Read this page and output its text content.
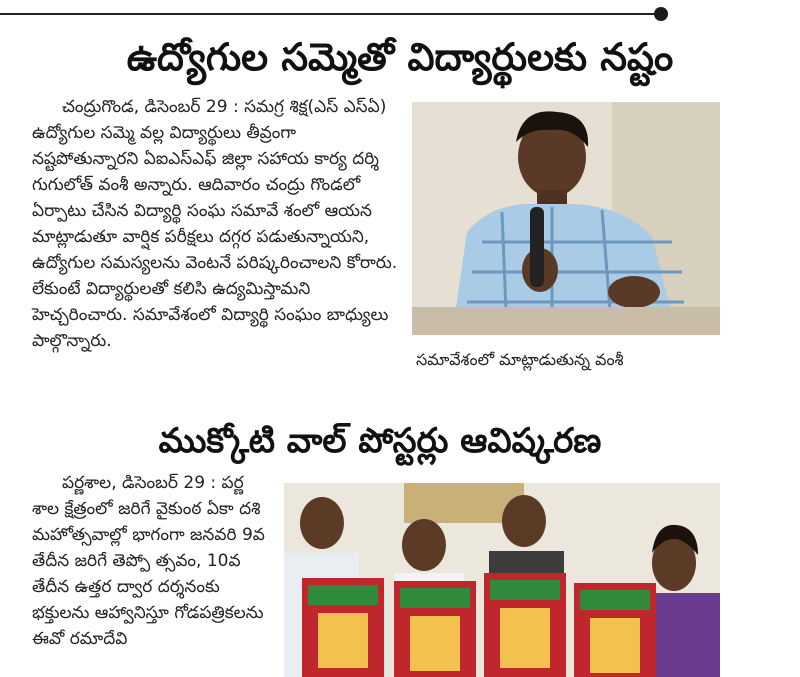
ఉద్యోగుల సమ్మెతో విద్యార్థులకు నష్టం

చంద్రుగొండ, డిసెంబర్ 29 : సమగ్ర శిక్ష(ఎస్ ఎస్ఏ) ఉద్యోగుల సమ్మె వల్ల విద్యార్థులు తీవ్రంగా నష్టపోతున్నారని ఏఐఎస్ఎఫ్ జిల్లా సహాయ కార్య దర్శి గుగులోత్ వంశీ అన్నారు. ఆదివారం చంద్రు గొండలో ఏర్పాటు చేసిన విద్యార్థి సంఘ సమావే శంలో ఆయన మాట్లాడుతూ వార్షిక పరీక్షలు దగ్గర పడుతున్నాయని, ఉద్యోగుల సమస్యలను వెంటనే పరిష్కరించాలని కోరారు. లేకుంటే విద్యార్థులతో కలిసి ఉద్యమిస్తామని హెచ్చరించారు. సమావేశంలో విద్యార్థి సంఘం బాధ్యులు పాల్గొన్నారు.

సమావేశంలో మాట్లాడుతున్న వంశీ
ముక్కోటి వాల్ పోస్టర్లు ఆవిష్కరణ

పర్ణశాల, డిసెంబర్ 29 : పర్ణ శాల క్షేత్రంలో జరిగే వైకుంఠ ఏకా దశి మహోత్సవాల్లో భాగంగా జనవరి 9వ తేదీన జరిగే తెప్పో త్సవం, 10వ తేదీన ఉత్తర ద్వార దర్శనంకు భక్తులను ఆహ్వానిస్తూ గోడపత్రికలను ఈవో రమాదేవి
